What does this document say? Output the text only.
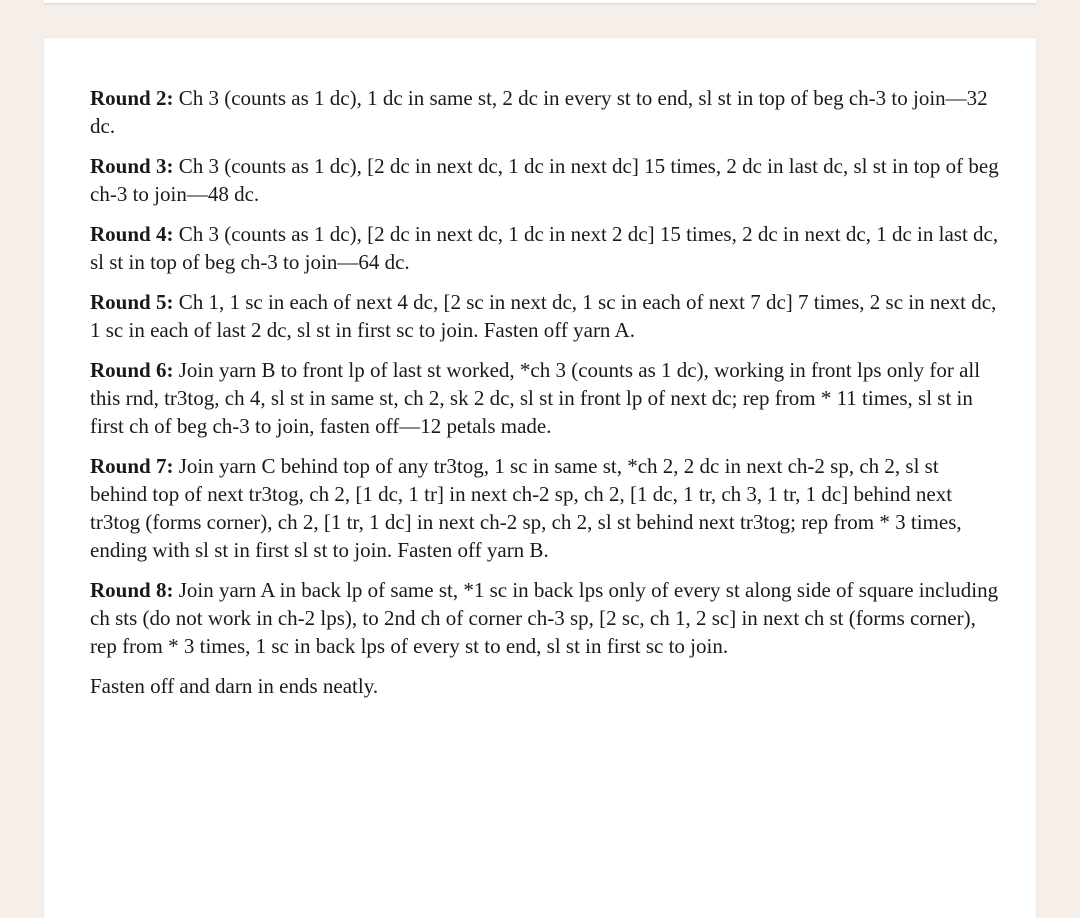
Round 2: Ch 3 (counts as 1 dc), 1 dc in same st, 2 dc in every st to end, sl st in top of beg ch-3 to join—32 dc.

Round 3: Ch 3 (counts as 1 dc), [2 dc in next dc, 1 dc in next dc] 15 times, 2 dc in last dc, sl st in top of beg ch-3 to join—48 dc.

Round 4: Ch 3 (counts as 1 dc), [2 dc in next dc, 1 dc in next 2 dc] 15 times, 2 dc in next dc, 1 dc in last dc, sl st in top of beg ch-3 to join—64 dc.

Round 5: Ch 1, 1 sc in each of next 4 dc, [2 sc in next dc, 1 sc in each of next 7 dc] 7 times, 2 sc in next dc, 1 sc in each of last 2 dc, sl st in first sc to join. Fasten off yarn A.

Round 6: Join yarn B to front lp of last st worked, *ch 3 (counts as 1 dc), working in front lps only for all this rnd, tr3tog, ch 4, sl st in same st, ch 2, sk 2 dc, sl st in front lp of next dc; rep from * 11 times, sl st in first ch of beg ch-3 to join, fasten off—12 petals made.

Round 7: Join yarn C behind top of any tr3tog, 1 sc in same st, *ch 2, 2 dc in next ch-2 sp, ch 2, sl st behind top of next tr3tog, ch 2, [1 dc, 1 tr] in next ch-2 sp, ch 2, [1 dc, 1 tr, ch 3, 1 tr, 1 dc] behind next tr3tog (forms corner), ch 2, [1 tr, 1 dc] in next ch-2 sp, ch 2, sl st behind next tr3tog; rep from * 3 times, ending with sl st in first sl st to join. Fasten off yarn B.

Round 8: Join yarn A in back lp of same st, *1 sc in back lps only of every st along side of square including ch sts (do not work in ch-2 lps), to 2nd ch of corner ch-3 sp, [2 sc, ch 1, 2 sc] in next ch st (forms corner), rep from * 3 times, 1 sc in back lps of every st to end, sl st in first sc to join.

Fasten off and darn in ends neatly.
